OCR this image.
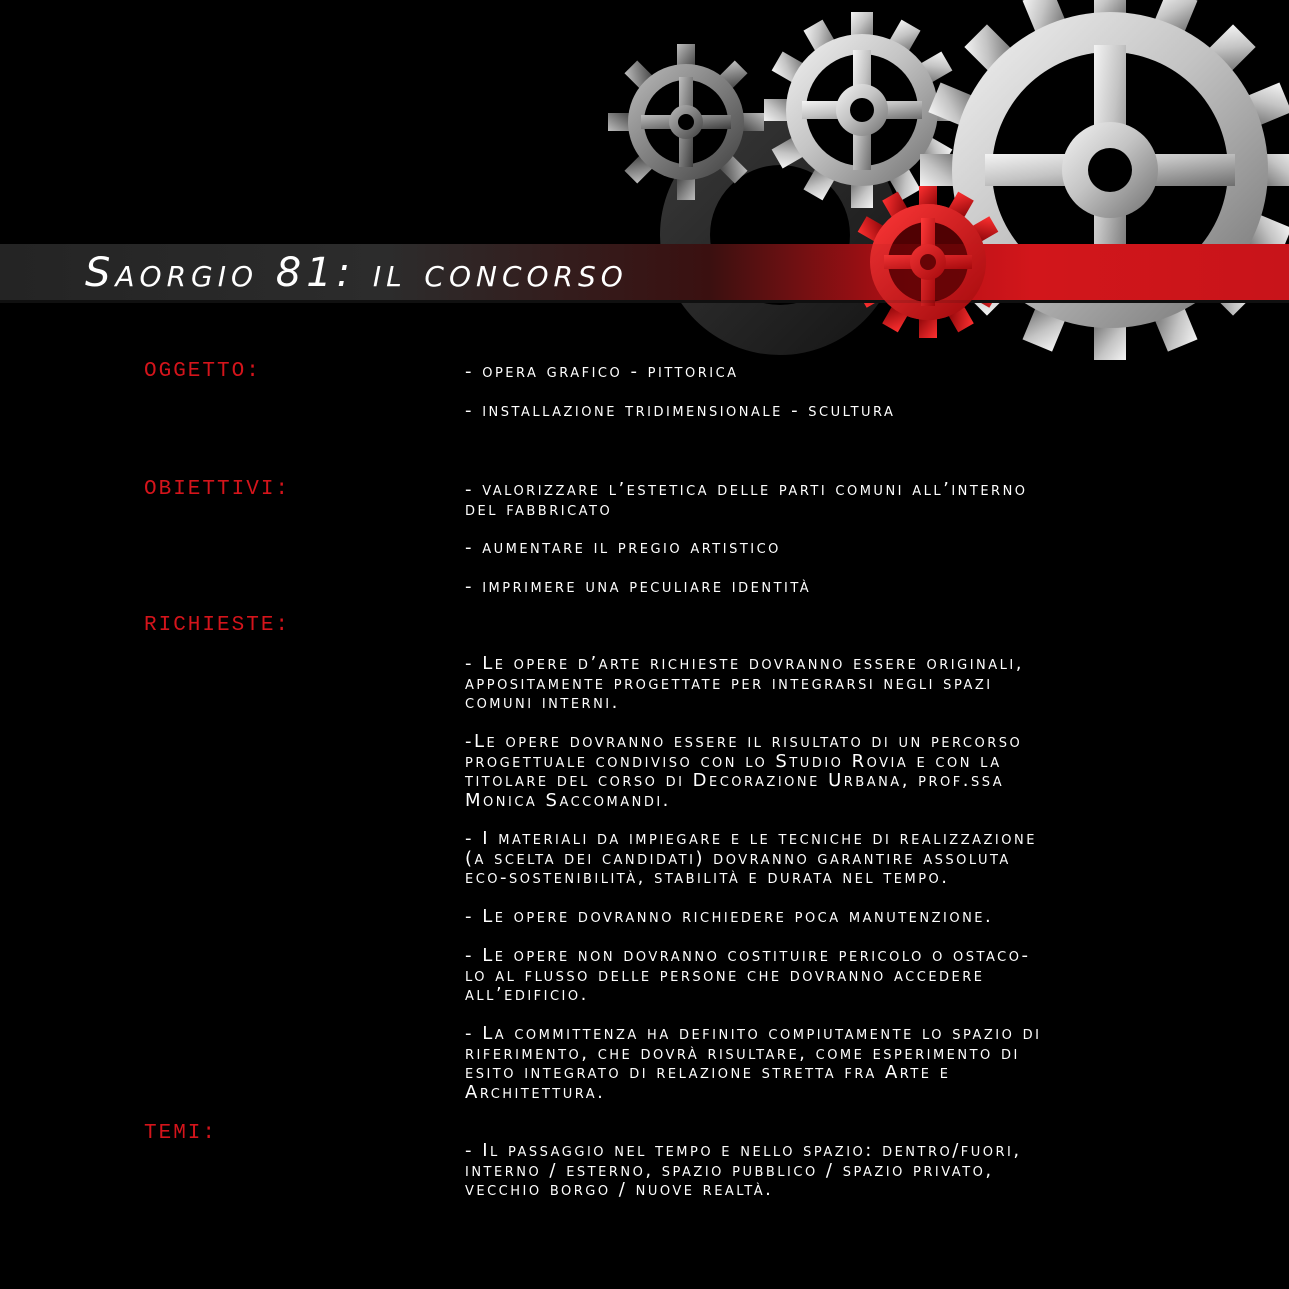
Saorgio 81: il concorso
OGGETTO:	- opera grafico - pittorica
- installazione tridimensionale - scultura
OBIETTIVI:	- valorizzare l’estetica delle parti comuni all’interno
del fabbricato
- aumentare il pregio artistico
- imprimere una peculiare identità
RICHIESTE:
- Le opere d’arte richieste dovranno essere originali,
appositamente progettate per integrarsi negli spazi
comuni interni.
-Le opere dovranno essere il risultato di un percorso
progettuale condiviso con lo Studio Rovia e con la
titolare del corso di Decorazione Urbana, prof.ssa
Monica Saccomandi.
- I materiali da impiegare e le tecniche di realizzazione
(a scelta dei candidati) dovranno garantire assoluta
eco-sostenibilità, stabilità e durata nel tempo.
- Le opere dovranno richiedere poca manutenzione.
- Le opere non dovranno costituire pericolo o ostaco-
lo al flusso delle persone che dovranno accedere
all’edificio.
- La committenza ha definito compiutamente lo spazio di
riferimento, che dovrà risultare, come esperimento di
esito integrato di relazione stretta fra Arte e
Architettura.
TEMI:
- Il passaggio nel tempo e nello spazio: dentro/fuori,
interno / esterno, spazio pubblico / spazio privato,
vecchio borgo / nuove realtà.
